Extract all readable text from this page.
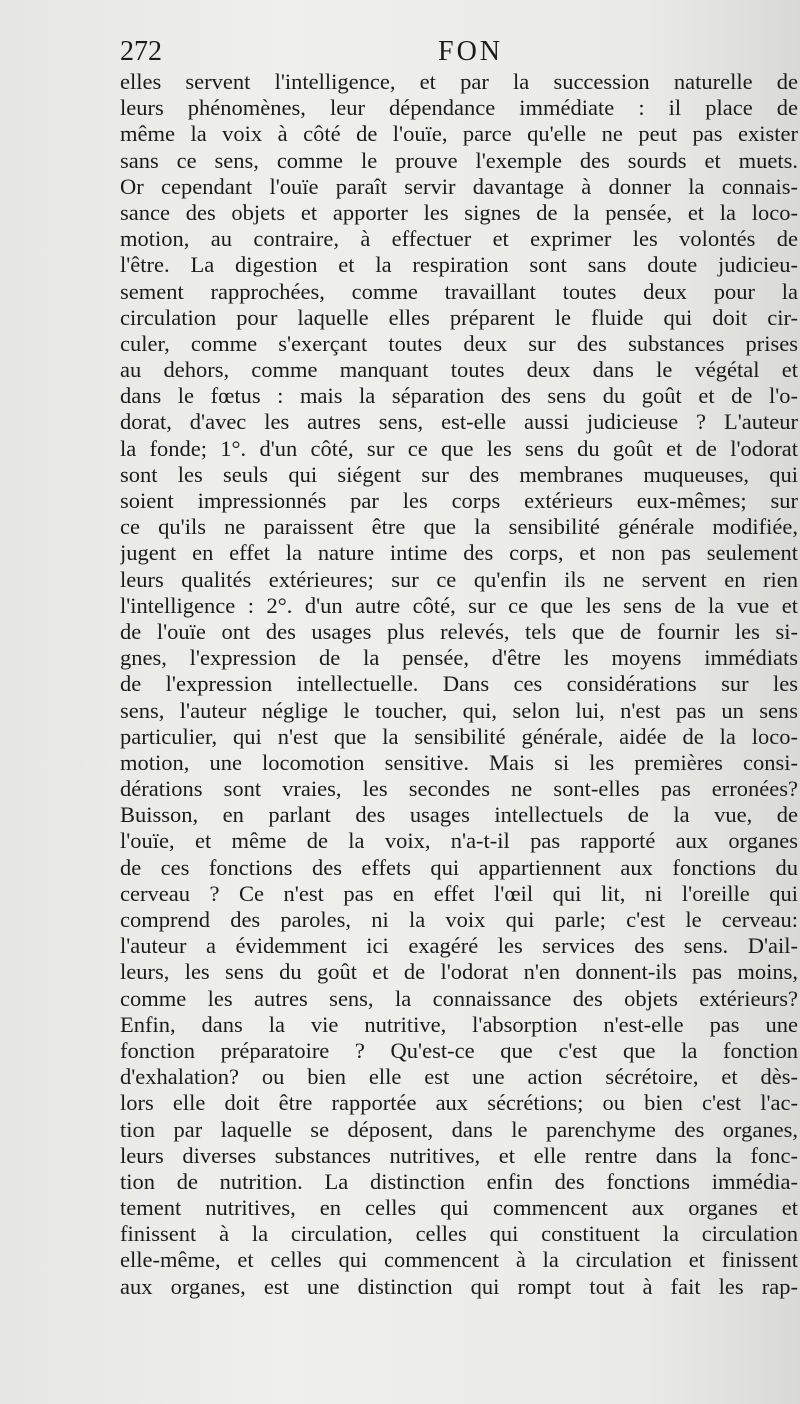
272	FON
elles servent l'intelligence, et par la succession naturelle de
leurs phénomènes, leur dépendance immédiate : il place de
même la voix à côté de l'ouïe, parce qu'elle ne peut pas exister
sans ce sens, comme le prouve l'exemple des sourds et muets.
Or cependant l'ouïe paraît servir davantage à donner la connais-
sance des objets et apporter les signes de la pensée, et la loco-
motion, au contraire, à effectuer et exprimer les volontés de
l'être. La digestion et la respiration sont sans doute judicieu-
sement rapprochées, comme travaillant toutes deux pour la
circulation pour laquelle elles préparent le fluide qui doit cir-
culer, comme s'exerçant toutes deux sur des substances prises
au dehors, comme manquant toutes deux dans le végétal et
dans le fœtus : mais la séparation des sens du goût et de l'o-
dorat, d'avec les autres sens, est-elle aussi judicieuse ? L'auteur
la fonde; 1°. d'un côté, sur ce que les sens du goût et de l'odorat
sont les seuls qui siégent sur des membranes muqueuses, qui
soient impressionnés par les corps extérieurs eux-mêmes; sur
ce qu'ils ne paraissent être que la sensibilité générale modifiée,
jugent en effet la nature intime des corps, et non pas seulement
leurs qualités extérieures; sur ce qu'enfin ils ne servent en rien
l'intelligence : 2°. d'un autre côté, sur ce que les sens de la vue et
de l'ouïe ont des usages plus relevés, tels que de fournir les si-
gnes, l'expression de la pensée, d'être les moyens immédiats
de l'expression intellectuelle. Dans ces considérations sur les
sens, l'auteur néglige le toucher, qui, selon lui, n'est pas un sens
particulier, qui n'est que la sensibilité générale, aidée de la loco-
motion, une locomotion sensitive. Mais si les premières consi-
dérations sont vraies, les secondes ne sont-elles pas erronées?
Buisson, en parlant des usages intellectuels de la vue, de
l'ouïe, et même de la voix, n'a-t-il pas rapporté aux organes
de ces fonctions des effets qui appartiennent aux fonctions du
cerveau ? Ce n'est pas en effet l'œil qui lit, ni l'oreille qui
comprend des paroles, ni la voix qui parle; c'est le cerveau:
l'auteur a évidemment ici exagéré les services des sens. D'ail-
leurs, les sens du goût et de l'odorat n'en donnent-ils pas moins,
comme les autres sens, la connaissance des objets extérieurs?
Enfin, dans la vie nutritive, l'absorption n'est-elle pas une
fonction préparatoire ? Qu'est-ce que c'est que la fonction
d'exhalation? ou bien elle est une action sécrétoire, et dès-
lors elle doit être rapportée aux sécrétions; ou bien c'est l'ac-
tion par laquelle se déposent, dans le parenchyme des organes,
leurs diverses substances nutritives, et elle rentre dans la fonc-
tion de nutrition. La distinction enfin des fonctions immédia-
tement nutritives, en celles qui commencent aux organes et
finissent à la circulation, celles qui constituent la circulation
elle-même, et celles qui commencent à la circulation et finissent
aux organes, est une distinction qui rompt tout à fait les rap-
